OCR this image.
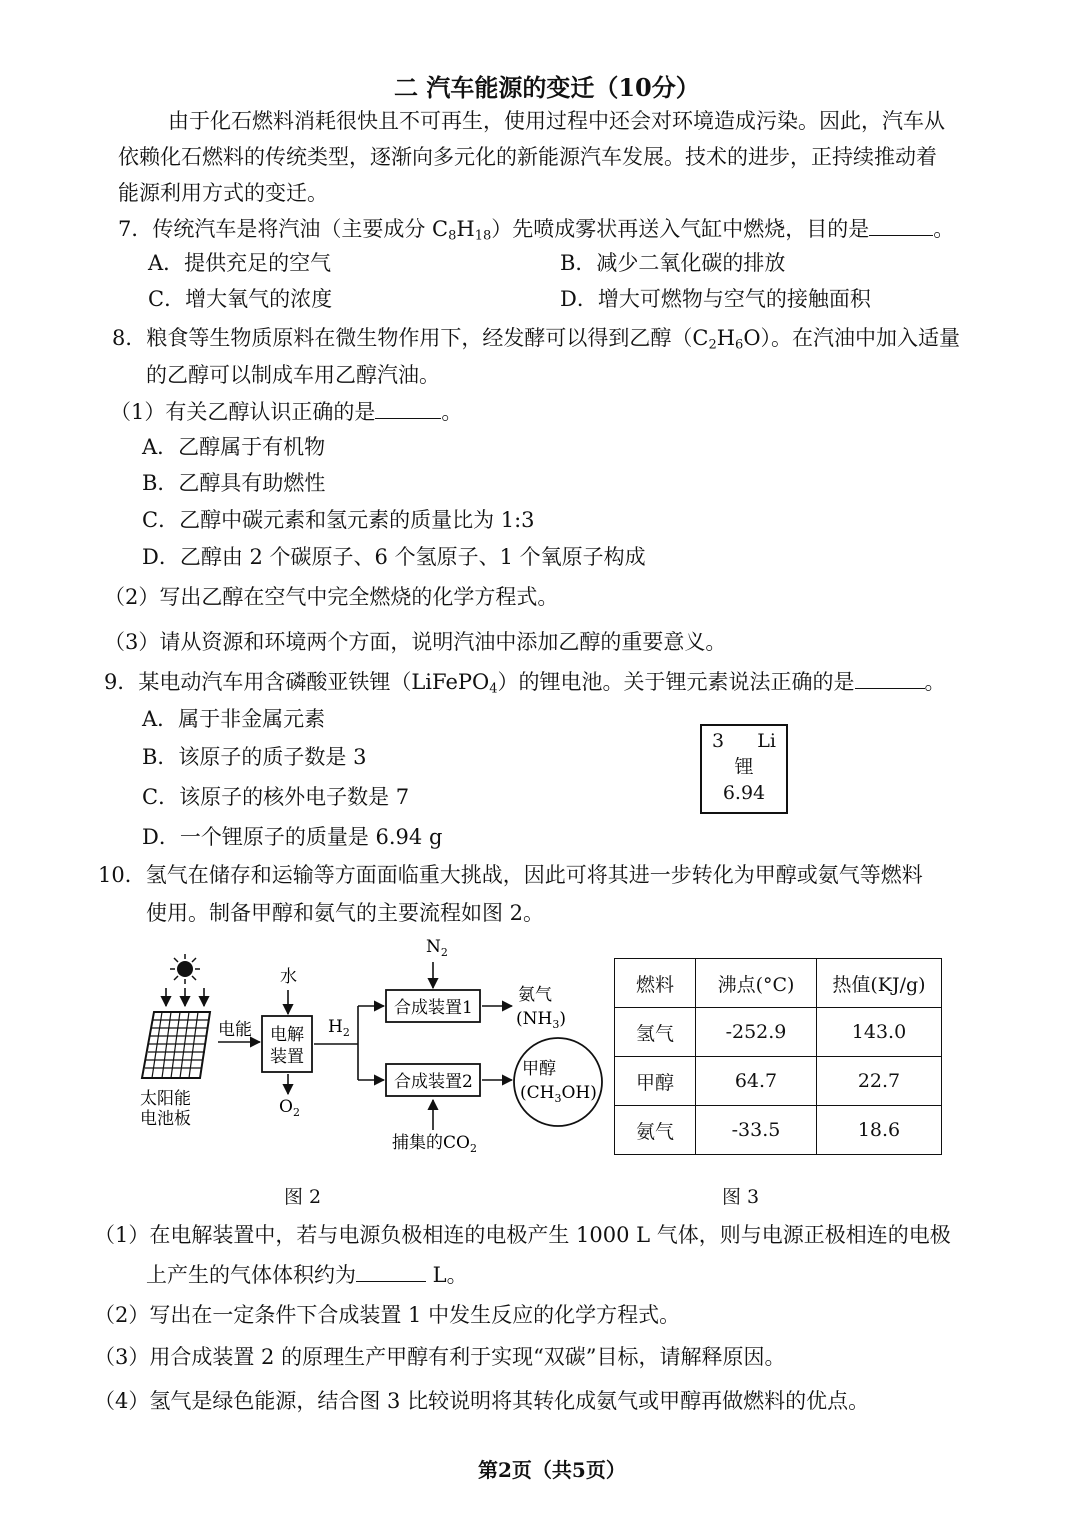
二 汽车能源的变迁（10分）
由于化石燃料消耗很快且不可再生，使用过程中还会对环境造成污染。因此，汽车从
依赖化石燃料的传统类型，逐渐向多元化的新能源汽车发展。技术的进步，正持续推动着
能源利用方式的变迁。
7．传统汽车是将汽油（主要成分 $C_8H_{18}$）先喷成雾状再送入气缸中燃烧，目的是	。
A．提供充足的空气	B．减少二氧化碳的排放
C．增大氧气的浓度	D．增大可燃物与空气的接触面积
8．粮食等生物质原料在微生物作用下，经发酵可以得到乙醇$(C_2H_6O)$。在汽油中加入适量
的乙醇可以制成车用乙醇汽油。
（1）有关乙醇认识正确的是	。
A．乙醇属于有机物
B．乙醇具有助燃性
C．乙醇中碳元素和氢元素的质量比为 1:3
D．乙醇由 2 个碳原子、6 个氢原子、1 个氧原子构成
（2）写出乙醇在空气中完全燃烧的化学方程式。
（3）请从资源和环境两个方面，说明汽油中添加乙醇的重要意义。
9．某电动汽车用含磷酸亚铁锂（LiFePO$_4$）的锂电池。关于锂元素说法正确的是	。
A．属于非金属元素
B．该原子的质子数是 3
C．该原子的核外电子数是 7
D．一个锂原子的质量是 6.94 g
3 Li
锂
6.94
10．氢气在储存和运输等方面面临重大挑战，因此可将其进一步转化为甲醇或氨气等燃料
使用。制备甲醇和氨气的主要流程如图 2。
太阳能
电池板
电能
水
电解
装置
$O_2$
$H_2$
$N_2$
合成装置1
合成装置2
捕集的$CO_2$
氨气
$(NH_3)$
甲醇
$(CH_3OH)$
图 2
燃料	沸点(°C)	热值(KJ/g)
氢气	-252.9	143.0
甲醇	64.7	22.7
氨气	-33.5	18.6
图 3
（1）在电解装置中，若与电源负极相连的电极产生 1000 L 气体，则与电源正极相连的电极
上产生的气体体积约为	L。
（2）写出在一定条件下合成装置 1 中发生反应的化学方程式。
（3）用合成装置 2 的原理生产甲醇有利于实现“双碳”目标，请解释原因。
（4）氢气是绿色能源，结合图 3 比较说明将其转化成氨气或甲醇再做燃料的优点。
第2页（共5页）
